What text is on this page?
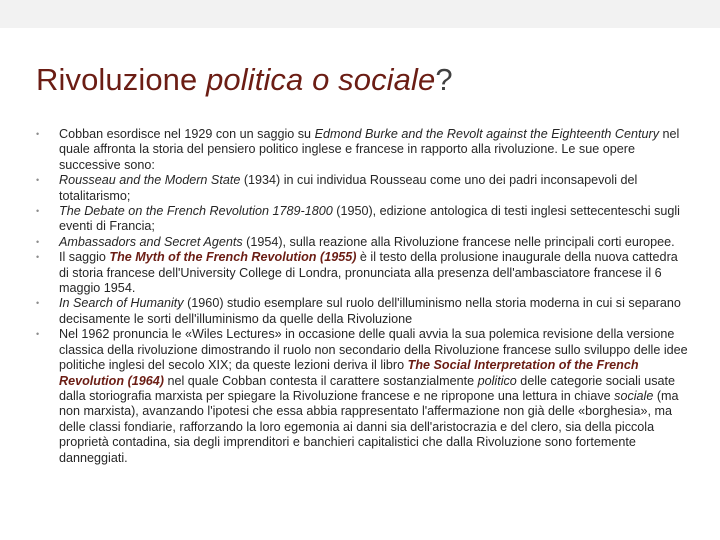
Rivoluzione politica o sociale?
• Cobban esordisce nel 1929 con un saggio su Edmond Burke and the Revolt against the Eighteenth Century nel quale affronta la storia del pensiero politico inglese e francese in rapporto alla rivoluzione. Le sue opere successive sono:
• Rousseau and the Modern State (1934) in cui individua Rousseau come uno dei padri inconsapevoli del totalitarismo;
• The Debate on the French Revolution 1789-1800 (1950), edizione antologica di testi inglesi settecenteschi sugli eventi di Francia;
• Ambassadors and Secret Agents (1954), sulla reazione alla Rivoluzione francese nelle principali corti europee.
• Il saggio The Myth of the French Revolution (1955) è il testo della prolusione inaugurale della nuova cattedra di storia francese dell'University College di Londra, pronunciata alla presenza dell'ambasciatore francese il 6 maggio 1954.
• In Search of Humanity (1960) studio esemplare sul ruolo dell'illuminismo nella storia moderna in cui si separano decisamente le sorti dell'illuminismo da quelle della Rivoluzione
• Nel 1962 pronuncia le «Wiles Lectures» in occasione delle quali avvia la sua polemica revisione della versione classica della rivoluzione dimostrando il ruolo non secondario della Rivoluzione francese sullo sviluppo delle idee politiche inglesi del secolo XIX; da queste lezioni deriva il libro The Social Interpretation of the French Revolution (1964) nel quale Cobban contesta il carattere sostanzialmente politico delle categorie sociali usate dalla storiografia marxista per spiegare la Rivoluzione francese e ne ripropone una lettura in chiave sociale (ma non marxista), avanzando l'ipotesi che essa abbia rappresentato l'affermazione non già delle «borghesia», ma delle classi fondiarie, rafforzando la loro egemonia ai danni sia dell'aristocrazia e del clero, sia della piccola proprietà contadina, sia degli imprenditori e banchieri capitalistici che dalla Rivoluzione sono fortemente danneggiati.
